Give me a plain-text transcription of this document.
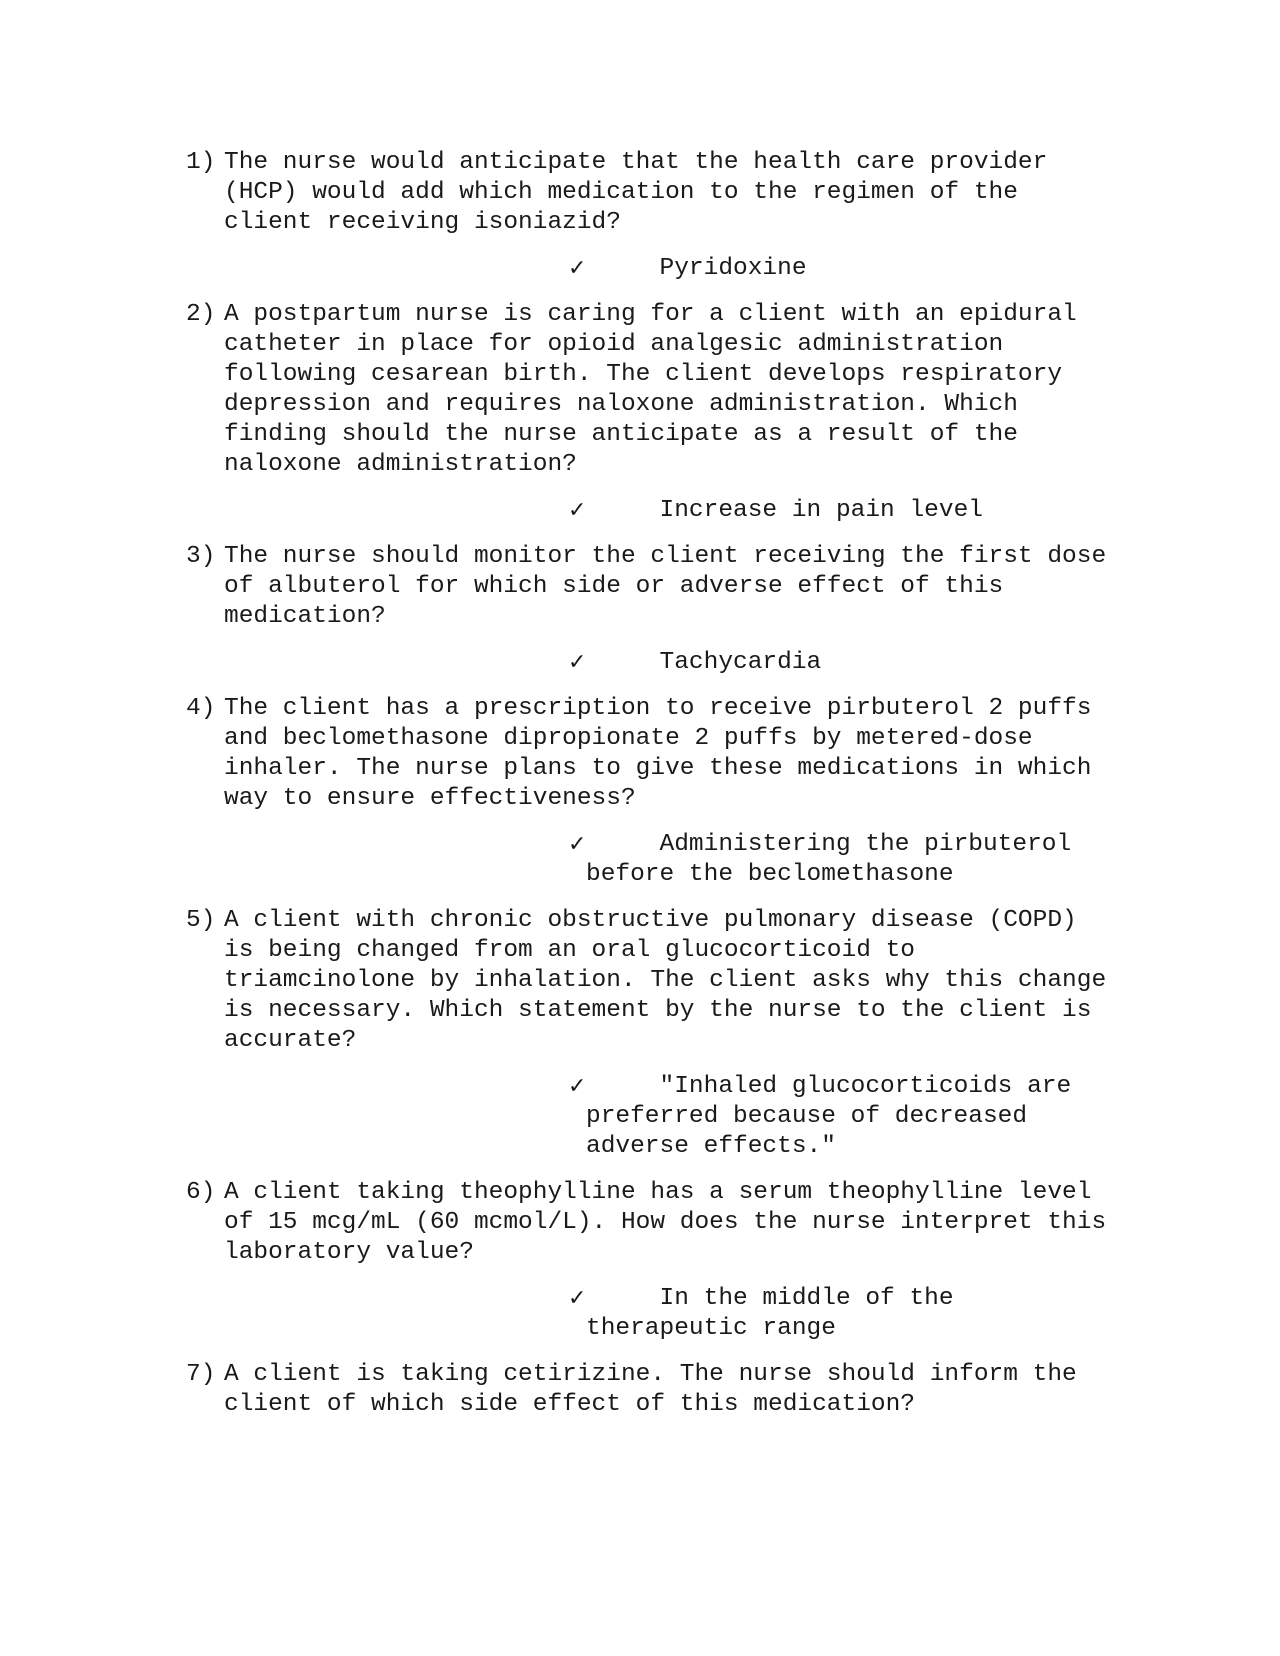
1) The nurse would anticipate that the health care provider
(HCP) would add which medication to the regimen of the
client receiving isoniazid?
✓ Pyridoxine
2) A postpartum nurse is caring for a client with an epidural
catheter in place for opioid analgesic administration
following cesarean birth. The client develops respiratory
depression and requires naloxone administration. Which
finding should the nurse anticipate as a result of the
naloxone administration?
✓ Increase in pain level
3) The nurse should monitor the client receiving the first dose
of albuterol for which side or adverse effect of this
medication?
✓ Tachycardia
4) The client has a prescription to receive pirbuterol 2 puffs
and beclomethasone dipropionate 2 puffs by metered-dose
inhaler. The nurse plans to give these medications in which
way to ensure effectiveness?
✓	Administering the pirbuterol
before the beclomethasone
5) A client with chronic obstructive pulmonary disease (COPD)
is being changed from an oral glucocorticoid to
triamcinolone by inhalation. The client asks why this change
is necessary. Which statement by the nurse to the client is
accurate?
✓	"Inhaled glucocorticoids are
preferred because of decreased
adverse effects."
6) A client taking theophylline has a serum theophylline level
of 15 mcg/mL (60 mcmol/L). How does the nurse interpret this
laboratory value?
✓	In the middle of the
therapeutic range
7) A client is taking cetirizine. The nurse should inform the
client of which side effect of this medication?
